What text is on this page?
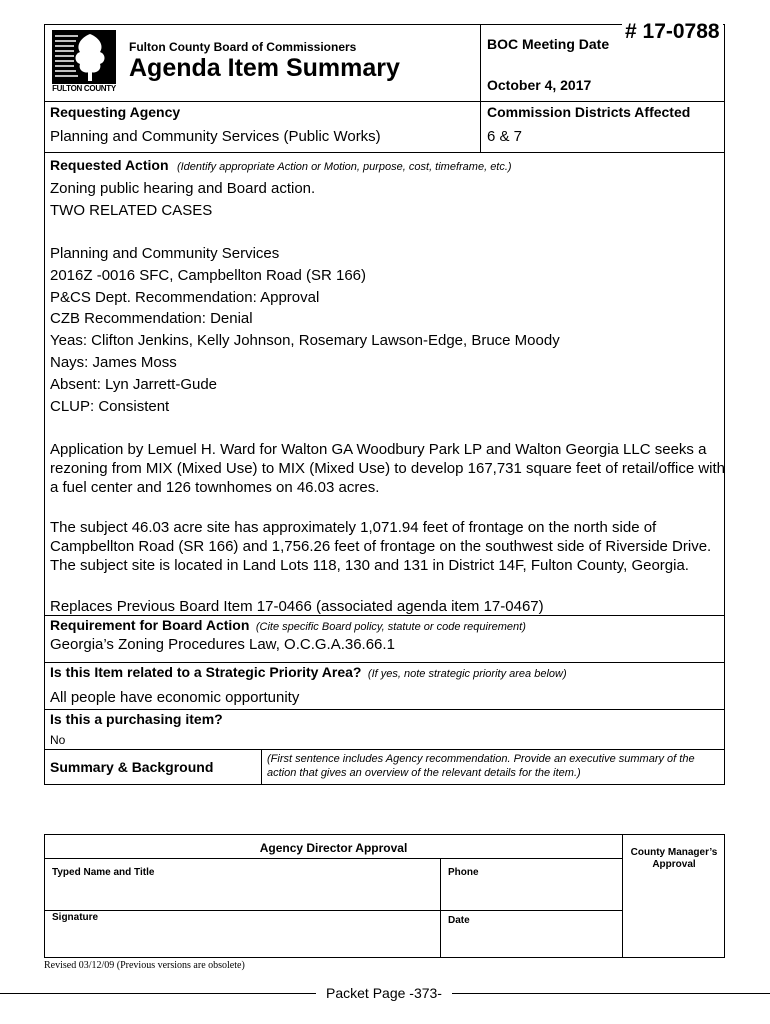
FULTON COUNTY
Fulton County Board of Commissioners
Agenda Item Summary
BOC Meeting Date
# 17-0788
October 4, 2017
Requesting Agency
Planning and Community Services (Public Works)
Commission Districts Affected
6 & 7
Requested Action (Identify appropriate Action or Motion, purpose, cost, timeframe, etc.)
Zoning public hearing and Board action.
TWO RELATED CASES
Planning and Community Services
2016Z -0016 SFC, Campbellton Road (SR 166)
P&CS Dept. Recommendation: Approval
CZB Recommendation: Denial
Yeas: Clifton Jenkins, Kelly Johnson, Rosemary Lawson-Edge, Bruce Moody
Nays: James Moss
Absent: Lyn Jarrett-Gude
CLUP: Consistent
Application by Lemuel H. Ward for Walton GA Woodbury Park LP and Walton Georgia LLC seeks a rezoning from MIX (Mixed Use) to MIX (Mixed Use) to develop 167,731 square feet of retail/office with a fuel center and 126 townhomes on 46.03 acres.
The subject 46.03 acre site has approximately 1,071.94 feet of frontage on the north side of Campbellton Road (SR 166) and 1,756.26 feet of frontage on the southwest side of Riverside Drive. The subject site is located in Land Lots 118, 130 and 131 in District 14F, Fulton County, Georgia.
Replaces Previous Board Item 17-0466 (associated agenda item 17-0467)
Requirement for Board Action (Cite specific Board policy, statute or code requirement)
Georgia’s Zoning Procedures Law, O.C.G.A.36.66.1
Is this Item related to a Strategic Priority Area? (If yes, note strategic priority area below)
All people have economic opportunity
Is this a purchasing item?
No
Summary & Background	(First sentence includes Agency recommendation. Provide an executive summary of the action that gives an overview of the relevant details for the item.)
Agency Director Approval
Typed Name and Title	Phone
Signature	Date
County Manager’s Approval
Revised 03/12/09 (Previous versions are obsolete)
Packet Page -373-
